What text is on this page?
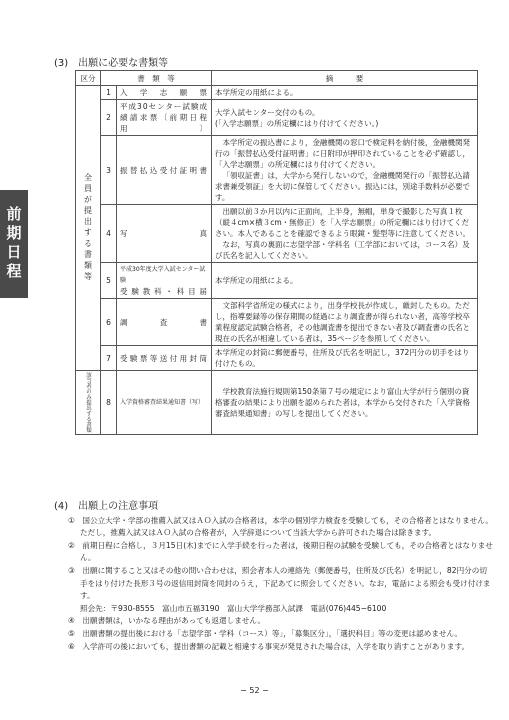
前期日程
(3)　出願に必要な書類等
区分	書　類　等		摘　　　要

全員が提出する書類等	1	入　学　志　願　票	本学所定の用紙による。
	2	平成30センター試験成績請求票〔前期日程用〕	大学入試センター交付のもの。
(「入学志願票」の所定欄にはり付けてください。)

	3	振替払込受付証明書	本学所定の振込書により，金融機関の窓口で検定料を納付後，金融機関発行の「振替払込受付証明書」に日附印が押印されていることを必ず確認し，「入学志願票」の所定欄にはり付けてください。
「領収証書」は，大学から発行しないので，金融機関発行の「振替払込請求書兼受領証」を大切に保管してください。振込には，別途手数料が必要です。

	4	写　　　　　真	出願以前３か月以内に正面向，上半身，無帽，単身で撮影した写真１枚（縦４cm×横３cm・無修正）を「入学志願票」の所定欄にはり付けてください。本人であることを確認できるよう眼鏡・髪型等に注意してください。
なお，写真の裏面に志望学部・学科名（工学部においては，コース名）及び氏名を記入してください。

	5	平成30年度大学入試センター試験
受験教科・科目届	本学所定の用紙による。
	6	調　　査　　書	文部科学省所定の様式により，出身学校長が作成し，厳封したもの。ただし，指導要録等の保存期間の経過により調査書が得られない者，高等学校卒業程度認定試験合格者，その他調査書を提出できない者及び調査書の氏名と現在の氏名が相違している者は，35ページを参照してください。

	7	受験票等送付用封筒	本学所定の封筒に郵便番号，住所及び氏名を明記し，372円分の切手をはり付けたもの。

該当者のみ提出する書類	8	入学資格審査結果通知書（写）	学校教育法施行規則第150条第７号の規定により富山大学が行う個別の資格審査の結果により出願を認められた者は，本学から交付された「入学資格審査結果通知書」の写しを提出してください。
(4)　出願上の注意事項
①　 国公立大学・学部の推薦入試又はＡＯ入試の合格者は，本学の個別学力検査を受験しても，その合格者とはなりません。ただし，推薦入試又はＡＯ入試の合格者が，入学辞退について当該大学から許可された場合は除きます。
②　 前期日程に合格し，３月15日(木)までに入学手続を行った者は，後期日程の試験を受験しても，その合格者とはなりません。
③　 出願に関すること又はその他の問い合わせは，照会者本人の連絡先（郵便番号，住所及び氏名）を明記し，82円分の切手をはり付けた長形３号の返信用封筒を同封のうえ，下記あてに照会してください。なお，電話による照会も受け付けます。
照会先：〒930-8555　富山市五福3190　富山大学学務部入試課　電話(076)445−6100
④　 出願書類は，いかなる理由があっても返還しません。
⑤　 出願書類の提出後における「志望学部・学科（コース）等」，「募集区分」，「選択科目」等の変更は認めません。
⑥　 入学許可の後においても，提出書類の記載と相違する事実が発見された場合は，入学を取り消すことがあります。
− 52 −
